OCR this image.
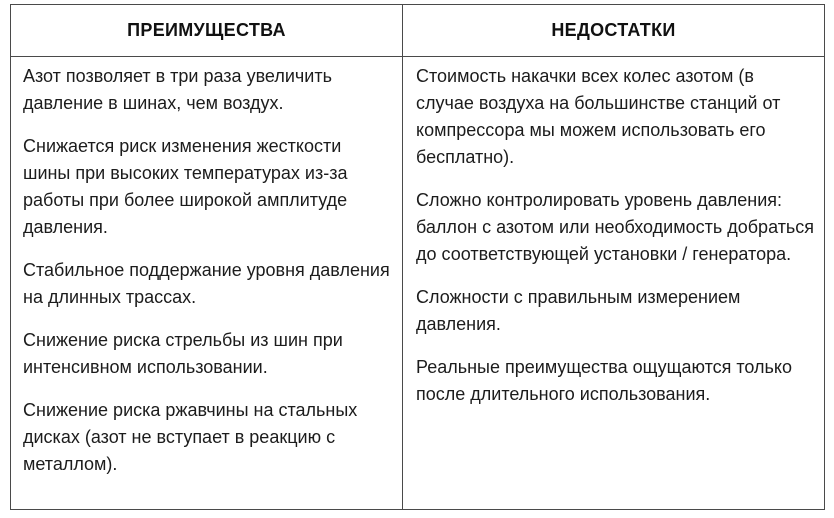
ПРЕИМУЩЕСТВА	НЕДОСТАТКИ

Азот позволяет в три раза увеличить давление в шинах, чем воздух.

Снижается риск изменения жесткости шины при высоких температурах из-за работы при более широкой амплитуде давления.

Стабильное поддержание уровня давления на длинных трассах.

Снижение риска стрельбы из шин при интенсивном использовании.

Снижение риска ржавчины на стальных дисках (азот не вступает в реакцию с металлом).

Стоимость накачки всех колес азотом (в случае воздуха на большинстве станций от компрессора мы можем использовать его бесплатно).

Сложно контролировать уровень давления: баллон с азотом или необходимость добраться до соответствующей установки / генератора.

Сложности с правильным измерением давления.

Реальные преимущества ощущаются только после длительного использования.
